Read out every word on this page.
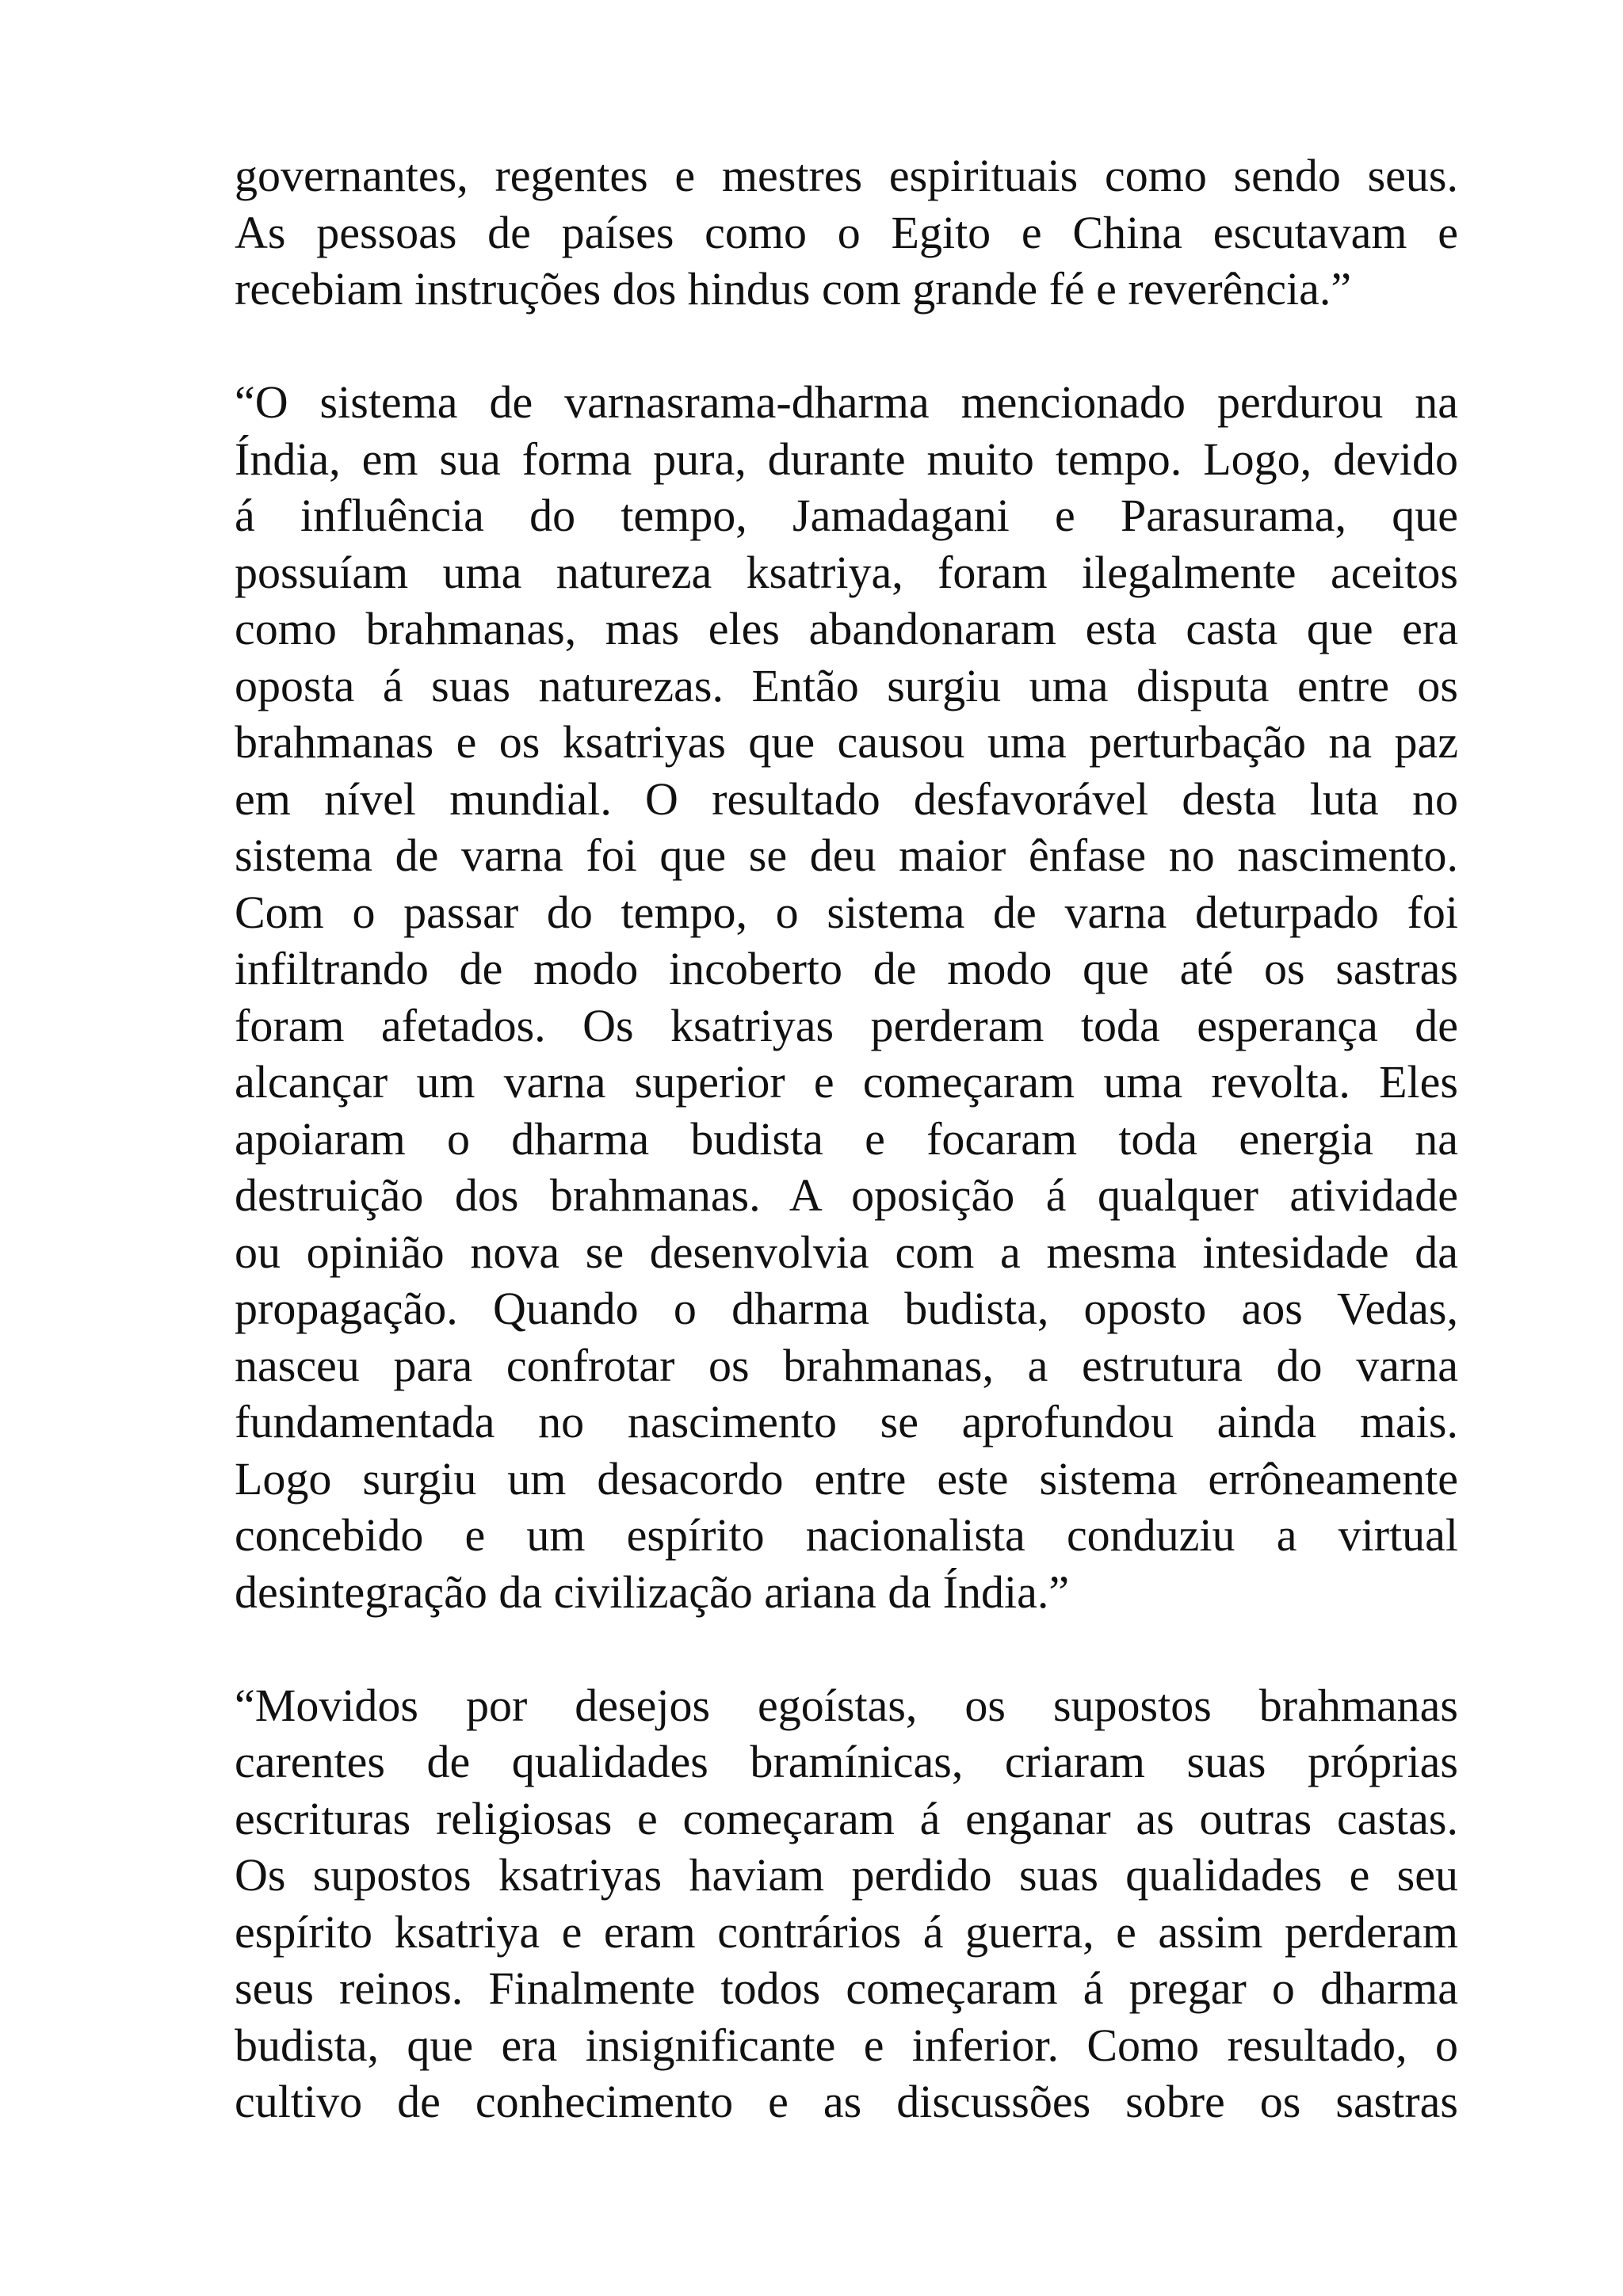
governantes, regentes e mestres espirituais como sendo seus.
As pessoas de países como o Egito e China escutavam e
recebiam instruções dos hindus com grande fé e reverência.”

“O sistema de varnasrama-dharma mencionado perdurou na
Índia, em sua forma pura, durante muito tempo. Logo, devido
á influência do tempo, Jamadagani e Parasurama, que
possuíam uma natureza ksatriya, foram ilegalmente aceitos
como brahmanas, mas eles abandonaram esta casta que era
oposta á suas naturezas. Então surgiu uma disputa entre os
brahmanas e os ksatriyas que causou uma perturbação na paz
em nível mundial. O resultado desfavorável desta luta no
sistema de varna foi que se deu maior ênfase no nascimento.
Com o passar do tempo, o sistema de varna deturpado foi
infiltrando de modo incoberto de modo que até os sastras
foram afetados. Os ksatriyas perderam toda esperança de
alcançar um varna superior e começaram uma revolta. Eles
apoiaram o dharma budista e focaram toda energia na
destruição dos brahmanas. A oposição á qualquer atividade
ou opinião nova se desenvolvia com a mesma intesidade da
propagação. Quando o dharma budista, oposto aos Vedas,
nasceu para confrotar os brahmanas, a estrutura do varna
fundamentada no nascimento se aprofundou ainda mais.
Logo surgiu um desacordo entre este sistema errôneamente
concebido e um espírito nacionalista conduziu a virtual
desintegração da civilização ariana da Índia.”

“Movidos por desejos egoístas, os supostos brahmanas
carentes de qualidades bramínicas, criaram suas próprias
escrituras religiosas e começaram á enganar as outras castas.
Os supostos ksatriyas haviam perdido suas qualidades e seu
espírito ksatriya e eram contrários á guerra, e assim perderam
seus reinos. Finalmente todos começaram á pregar o dharma
budista, que era insignificante e inferior. Como resultado, o
cultivo de conhecimento e as discussões sobre os sastras
